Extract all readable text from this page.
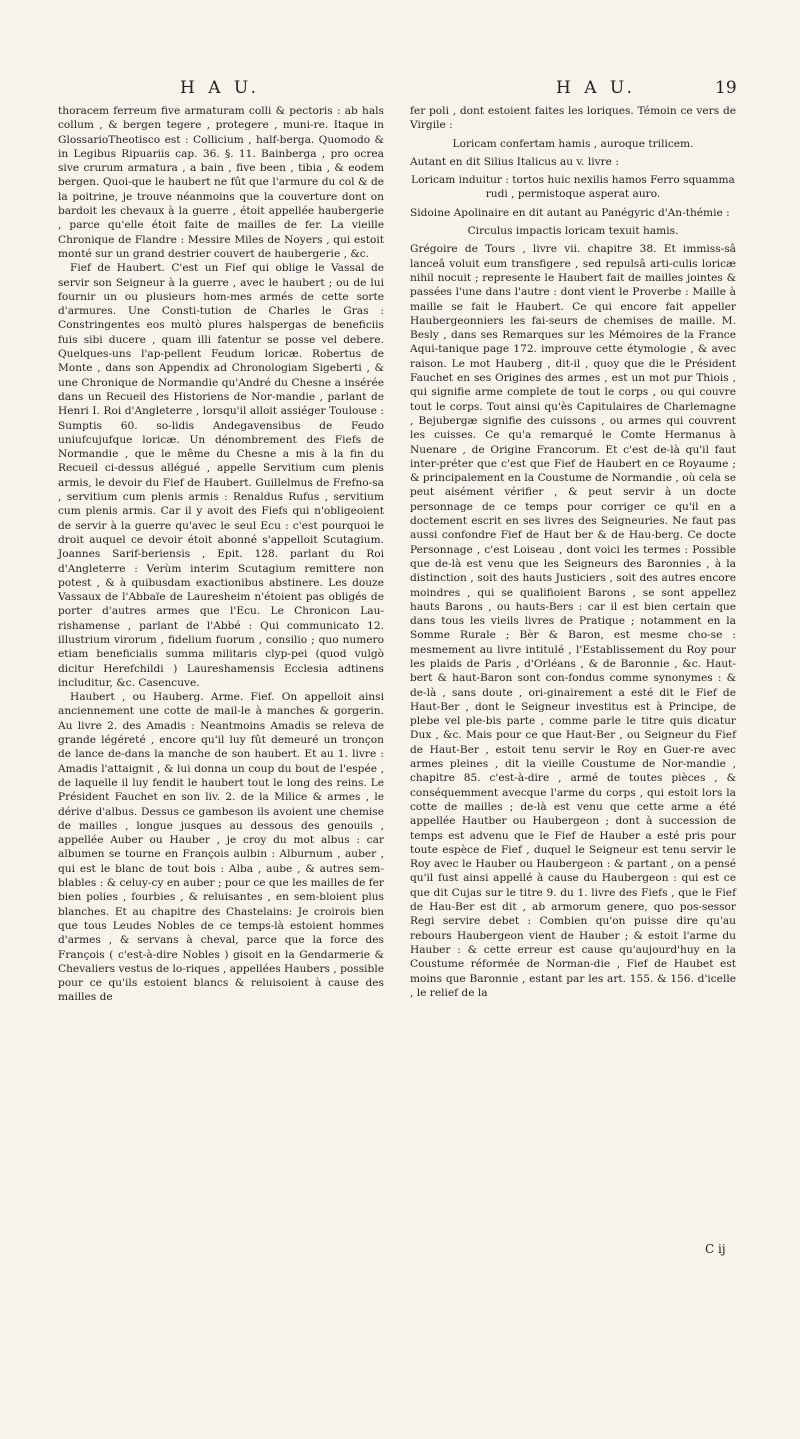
H A U.	H A U.	19

thoracem ferreum five armaturam colli & pectoris : ab hals collum , & bergen tegere , protegere , muni-re. Itaque in GlossarioTheotisco est : Collicium , half-berga. Quomodo & in Legibus Ripuariis cap. 36. §. 11. Bainberga , pro ocrea sive crurum armatura , a bain , five been , tibia , & eodem bergen. Quoi-que le haubert ne fût que l'armure du col & de la poitrine, je trouve néanmoins que la couverture dont on bardoit les chevaux à la guerre , étoit appellée haubergerie , parce qu'elle étoit faite de mailles de fer. La vieille Chronique de Flandre : Messire Miles de Noyers , qui estoit monté sur un grand destrier couvert de haubergerie , &c.

Fief de Haubert. C'est un Fief qui oblige le Vassal de servir son Seigneur à la guerre , avec le haubert ; ou de lui fournir un ou plusieurs hom-mes armés de cette sorte d'armures. Une Consti-tution de Charles le Gras : Constringentes eos multò plures halspergas de beneficiis fuis sibi ducere , quam illi fatentur se posse vel debere. Quelques-uns l'ap-pellent Feudum loricæ. Robertus de Monte , dans son Appendix ad Chronologiam Sigeberti , & une Chronique de Normandie qu'André du Chesne a insérée dans un Recueil des Historiens de Nor-mandie , parlant de Henri I. Roi d'Angleterre , lorsqu'il alloit assiéger Toulouse : Sumptis 60. so-lidis Andegavensibus de Feudo uniufcujufque loricæ. Un dénombrement des Fiefs de Normandie , que le même du Chesne a mis à la fin du Recueil ci-dessus allégué , appelle Servitium cum plenis armis, le devoir du Fief de Haubert. Guillelmus de Frefno-sa , servitium cum plenis armis : Renaldus Rufus , servitium cum plenis armis. Car il y avoit des Fiefs qui n'obligeoient de servir à la guerre qu'avec le seul Ecu : c'est pourquoi le droit auquel ce devoir étoit abonné s'appelloit Scutagium. Joannes Sarif-beriensis , Epit. 128. parlant du Roi d'Angleterre : Verùm interim Scutagium remittere non potest , & à quibusdam exactionibus abstinere. Les douze Vassaux de l'Abbaïe de Lauresheim n'étoient pas obligés de porter d'autres armes que l'Ecu. Le Chronicon Lau-rishamense , parlant de l'Abbé : Qui communicato 12. illustrium virorum , fidelium fuorum , consilio ; quo numero etiam beneficialis summa militaris clyp-pei (quod vulgò dicitur Herefchildi ) Laureshamensis Ecclesia adtinens includitur, &c. Casencuve.

Haubert , ou Hauberg. Arme. Fief. On appelloit ainsi anciennement une cotte de mail-le à manches & gorgerin. Au livre 2. des Amadis : Neantmoins Amadis se releva de grande légéreté , encore qu'il luy fût demeuré un tronçon de lance de-dans la manche de son haubert. Et au 1. livre : Amadis l'attaignit , & lui donna un coup du bout de l'espée , de laquelle il luy fendit le haubert tout le long des reins. Le Président Fauchet en son liv. 2. de la Milice & armes , le dérive d'albus. Dessus ce gambeson ils avoient une chemise de mailles , longue jusques au dessous des genouils , appellée Auber ou Hauber , je croy du mot albus : car albumen se tourne en François aulbin : Alburnum , auber , qui est le blanc de tout bois : Alba , aube , & autres sem-blables : & celuy-cy en auber ; pour ce que les mailles de fer bien polies , fourbies , & reluisantes , en sem-bloient plus blanches. Et au chapitre des Chastelains: Je croirois bien que tous Leudes Nobles de ce temps-là estoient hommes d'armes , & servans à cheval, parce que la force des François ( c'est-à-dire Nobles ) gisoit en la Gendarmerie & Chevaliers vestus de lo-riques , appellées Haubers , possible pour ce qu'ils estoient blancs & reluisoient à cause des mailles de

fer poli , dont estoient faites les loriques. Témoin ce vers de Virgile :

Loricam confertam hamis , auroque trilicem.

Autant en dit Silius Italicus au v. livre :

Loricam induitur : tortos huic nexilis hamos Ferro squamma rudi , permistoque asperat auro.

Sidoine Apolinaire en dit autant au Panégyric d'An-thémie :

Circulus impactis loricam texuit hamis.

Grégoire de Tours , livre vii. chapitre 38. Et immiss-sâ lanceâ voluit eum transfigere , sed repulsâ arti-culis loricæ nihil nocuit ; represente le Haubert fait de mailles jointes & passées l'une dans l'autre : dont vient le Proverbe : Maille à maille se fait le Haubert. Ce qui encore fait appeller Haubergeonniers les fai-seurs de chemises de maille. M. Besly , dans ses Remarques sur les Mémoires de la France Aqui-tanique page 172. improuve cette étymologie , & avec raison. Le mot Hauberg , dit-il , quoy que die le Président Fauchet en ses Origines des armes , est un mot pur Thiois , qui signifie arme complete de tout le corps , ou qui couvre tout le corps. Tout ainsi qu'ès Capitulaires de Charlemagne , Bejubergæ signifie des cuissons , ou armes qui couvrent les cuisses. Ce qu'a remarqué le Comte Hermanus à Nuenare , de Origine Francorum. Et c'est de-là qu'il faut inter-préter que c'est que Fief de Haubert en ce Royaume ; & principalement en la Coustume de Normandie , où cela se peut aisément vérifier , & peut servir à un docte personnage de ce temps pour corriger ce qu'il en a doctement escrit en ses livres des Seigneuries. Ne faut pas aussi confondre Fief de Haut ber & de Hau-berg. Ce docte Personnage , c'est Loiseau , dont voici les termes : Possible que de-là est venu que les Seigneurs des Baronnies , à la distinction , soit des hauts Justiciers , soit des autres encore moindres , qui se qualifioient Barons , se sont appellez hauts Barons , ou hauts-Bers : car il est bien certain que dans tous les vieils livres de Pratique ; notamment en la Somme Rurale ; Bèr & Baron, est mesme cho-se : mesmement au livre intitulé , l'Establissement du Roy pour les plaids de Paris , d'Orléans , & de Baronnie , &c. Haut-bert & haut-Baron sont con-fondus comme synonymes : & de-là , sans doute , ori-ginairement a esté dit le Fief de Haut-Ber , dont le Seigneur investitus est à Principe, de plebe vel ple-bis parte , comme parle le titre quis dicatur Dux , &c. Mais pour ce que Haut-Ber , ou Seigneur du Fief de Haut-Ber , estoit tenu servir le Roy en Guer-re avec armes pleines , dit la vieille Coustume de Nor-mandie , chapitre 85. c'est-à-dire , armé de toutes pièces , & conséquemment avecque l'arme du corps , qui estoit lors la cotte de mailles ; de-là est venu que cette arme a été appellée Hautber ou Haubergeon ; dont à succession de temps est advenu que le Fief de Hauber a esté pris pour toute espèce de Fief , duquel le Seigneur est tenu servir le Roy avec le Hauber ou Haubergeon : & partant , on a pensé qu'il fust ainsi appellé à cause du Haubergeon : qui est ce que dit Cujas sur le titre 9. du 1. livre des Fiefs , que le Fief de Hau-Ber est dit , ab armorum genere, quo pos-sessor Regi servire debet : Combien qu'on puisse dire qu'au rebours Haubergeon vient de Hauber ; & estoit l'arme du Hauber : & cette erreur est cause qu'aujourd'huy en la Coustume réformée de Norman-die , Fief de Haubet est moins que Baronnie , estant par les art. 155. & 156. d'icelle , le relief de la

C ij
